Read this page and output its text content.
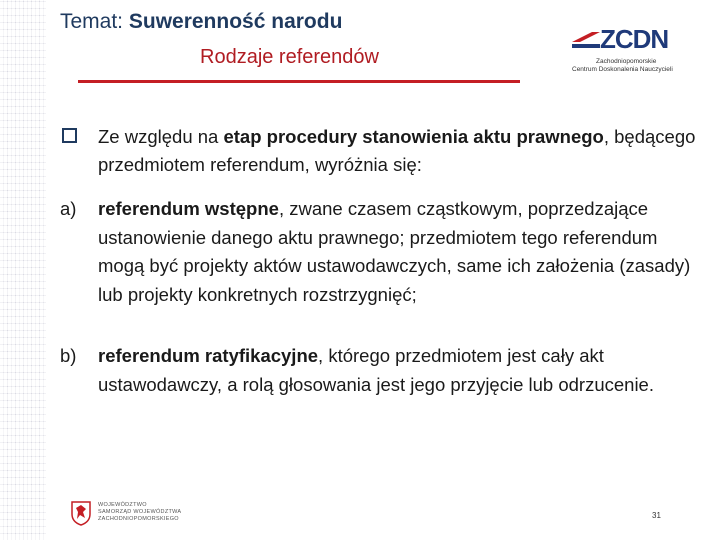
Temat: Suwerenność narodu
Rodzaje referendów
ZCDN
Zachodniopomorskie
Centrum Doskonalenia Nauczycieli
Ze względu na etap procedury stanowienia aktu prawnego, będącego przedmiotem referendum, wyróżnia się:
a) referendum wstępne, zwane czasem cząstkowym, poprzedzające ustanowienie danego aktu prawnego; przedmiotem tego referendum mogą być projekty aktów ustawodawczych, same ich założenia (zasady) lub projekty konkretnych rozstrzygnięć;
b) referendum ratyfikacyjne, którego przedmiotem jest cały akt ustawodawczy, a rolą głosowania jest jego przyjęcie lub odrzucenie.
WOJEWÓDZTWO
SAMORZĄD WOJEWÓDZTWA
ZACHODNIOPOMORSKIEGO	31
